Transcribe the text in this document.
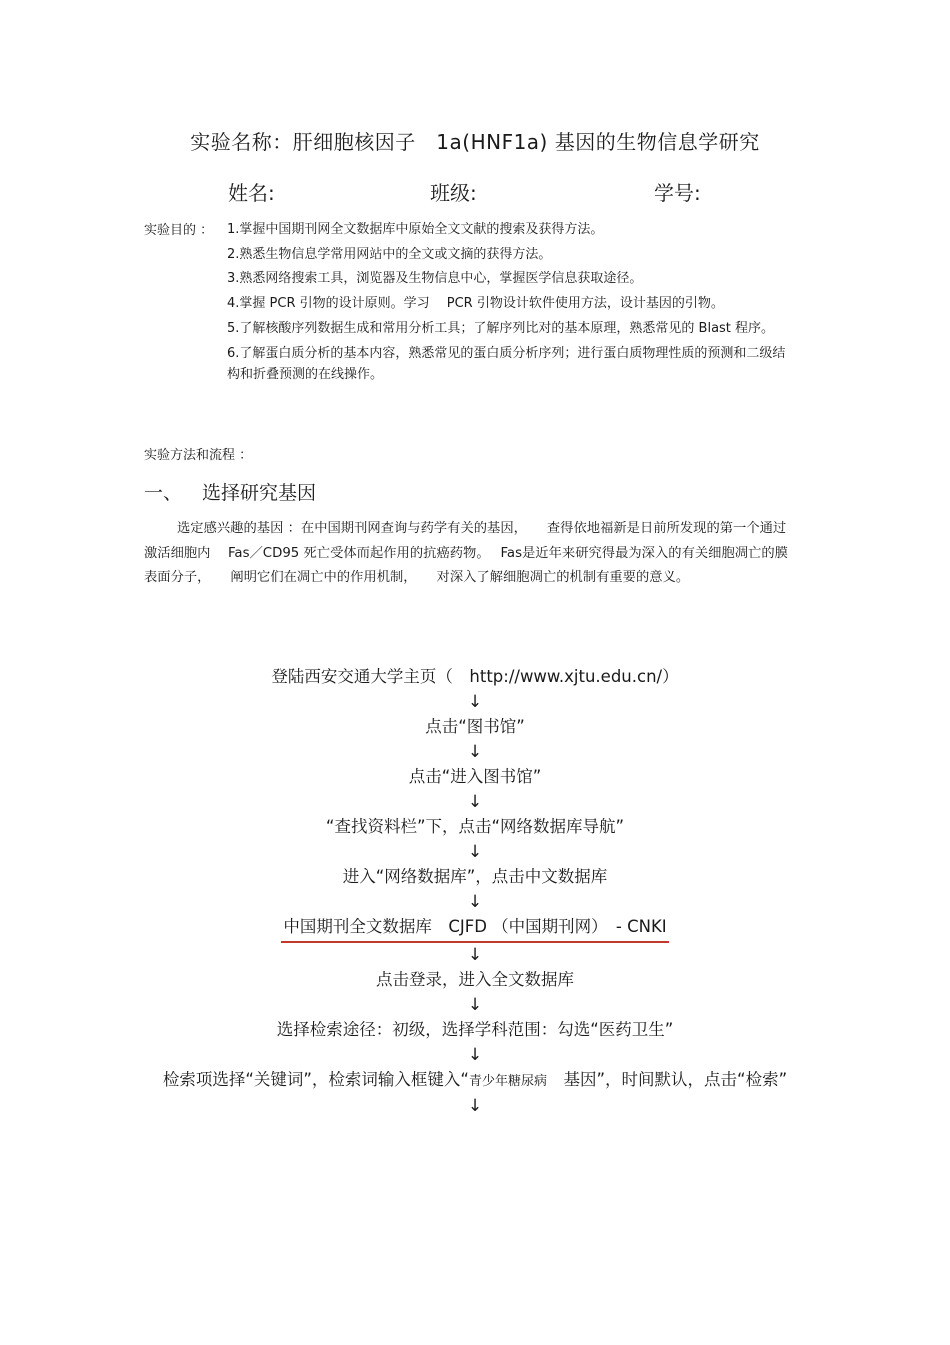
实验名称：肝细胞核因子　1a(HNF1a) 基因的生物信息学研究
姓名:	班级:	学号:
实验目的 ： 1.掌握中国期刊网全文数据库中原始全文文献的搜索及获得方法。
2.熟悉生物信息学常用网站中的全文或文摘的获得方法。
3.熟悉网络搜索工具，浏览器及生物信息中心，掌握医学信息获取途径。
4.掌握 PCR 引物的设计原则。学习　 PCR 引物设计软件使用方法，设计基因的引物。
5.了解核酸序列数据生成和常用分析工具；了解序列比对的基本原理，熟悉常见的 Blast 程序。
6.了解蛋白质分析的基本内容，熟悉常见的蛋白质分析序列；进行蛋白质物理性质的预测和二级结构和折叠预测的在线操作。
实验方法和流程 ：
一、 选择研究基因
选定感兴趣的基因 ：在中国期刊网查询与药学有关的基因，　　查得依地福新是日前所发现的第一个通过激活细胞内　 Fas／CD95 死亡受体而起作用的抗癌药物。　 Fas是近年来研究得最为深入的有关细胞凋亡的膜表面分子，　　阐明它们在凋亡中的作用机制，　　对深入了解细胞凋亡的机制有重要的意义。
登陆西安交通大学主页（　http://www.xjtu.edu.cn/）
↓
点击“图书馆”
↓
点击“进入图书馆”
↓
“查找资料栏”下，点击“网络数据库导航”
↓
进入“网络数据库”，点击中文数据库
↓
中国期刊全文数据库　CJFD （中国期刊网）　- CNKI
↓
点击登录，进入全文数据库
↓
选择检索途径：初级，选择学科范围：勾选“医药卫生”
↓
检索项选择“关键词”，检索词输入框键入“青少年糖尿病　基因”，时间默认，点击“检索”
↓
